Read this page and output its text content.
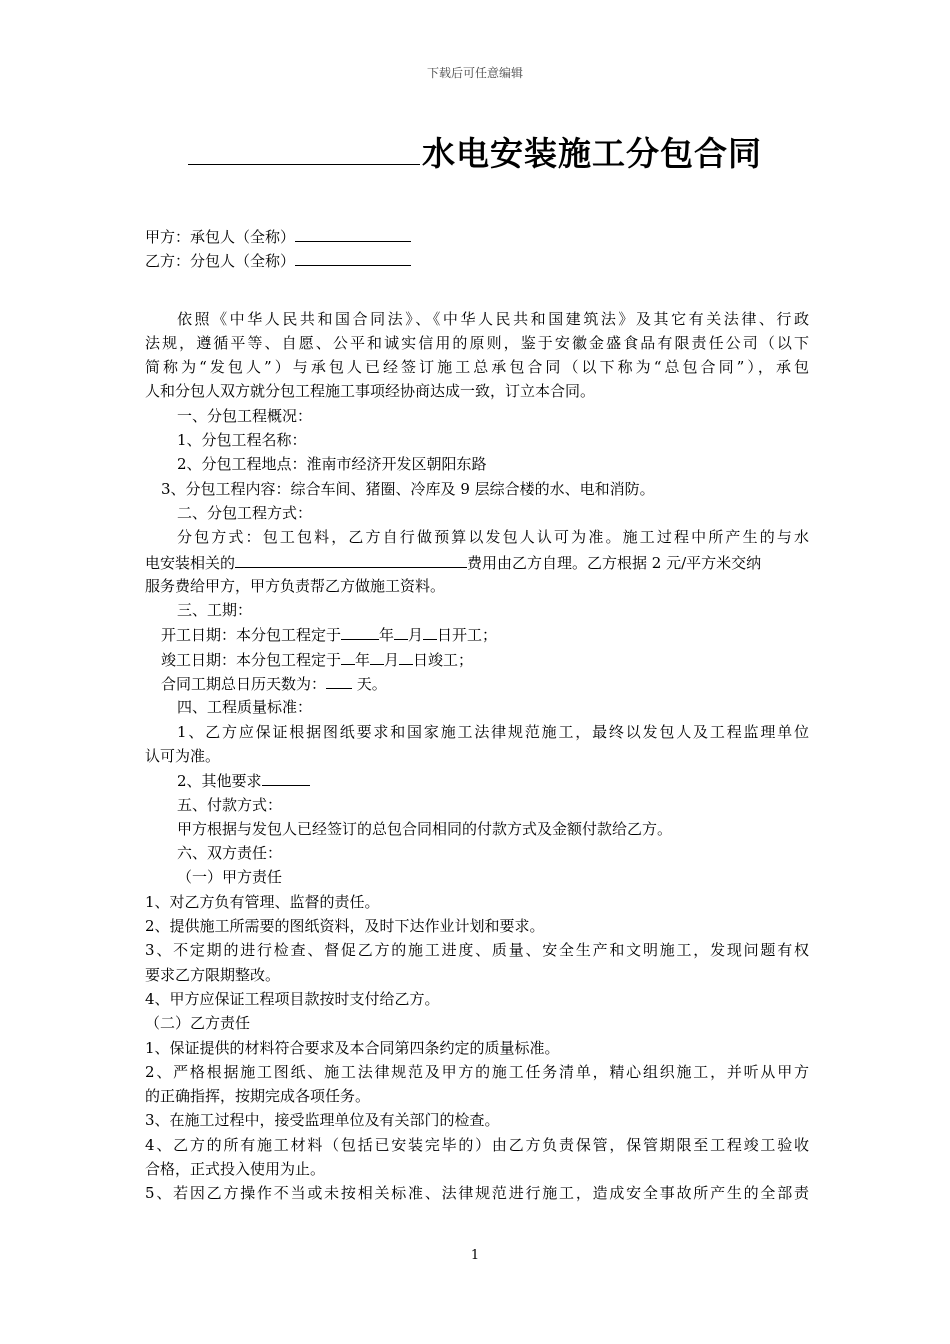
下载后可任意编辑
水电安装施工分包合同
甲方：承包人（全称）
乙方：分包人（全称）
依照《中华人民共和国合同法》、《中华人民共和国建筑法》及其它有关法律、行政
法规，遵循平等、自愿、公平和诚实信用的原则，鉴于安徽金盛食品有限责任公司（以下
简称为“发包人”）与承包人已经签订施工总承包合同（以下称为“总包合同”），承包
人和分包人双方就分包工程施工事项经协商达成一致，订立本合同。
一、分包工程概况：
1、分包工程名称：
2、分包工程地点：淮南市经济开发区朝阳东路
3、分包工程内容：综合车间、猪圈、冷库及 9 层综合楼的水、电和消防。
二、分包工程方式：
分包方式：包工包料，乙方自行做预算以发包人认可为准。施工过程中所产生的与水
电安装相关的	费用由乙方自理。乙方根据 2 元/平方米交纳
服务费给甲方，甲方负责帮乙方做施工资料。
三、工期：
开工日期：本分包工程定于	年 月 日开工；
竣工日期：本分包工程定于 年 月 日竣工；
合同工期总日历天数为： 天。
四、工程质量标准：
1、乙方应保证根据图纸要求和国家施工法律规范施工，最终以发包人及工程监理单位
认可为准。
2、其他要求
五、付款方式：
甲方根据与发包人已经签订的总包合同相同的付款方式及金额付款给乙方。
六、双方责任：
（一）甲方责任
1、对乙方负有管理、监督的责任。
2、提供施工所需要的图纸资料，及时下达作业计划和要求。
3、不定期的进行检查、督促乙方的施工进度、质量、安全生产和文明施工，发现问题有权
要求乙方限期整改。
4、甲方应保证工程项目款按时支付给乙方。
（二）乙方责任
1、保证提供的材料符合要求及本合同第四条约定的质量标准。
2、严格根据施工图纸、施工法律规范及甲方的施工任务清单，精心组织施工，并听从甲方
的正确指挥，按期完成各项任务。
3、在施工过程中，接受监理单位及有关部门的检查。
4、乙方的所有施工材料（包括已安装完毕的）由乙方负责保管，保管期限至工程竣工验收
合格，正式投入使用为止。
5、若因乙方操作不当或未按相关标准、法律规范进行施工，造成安全事故所产生的全部责
1
